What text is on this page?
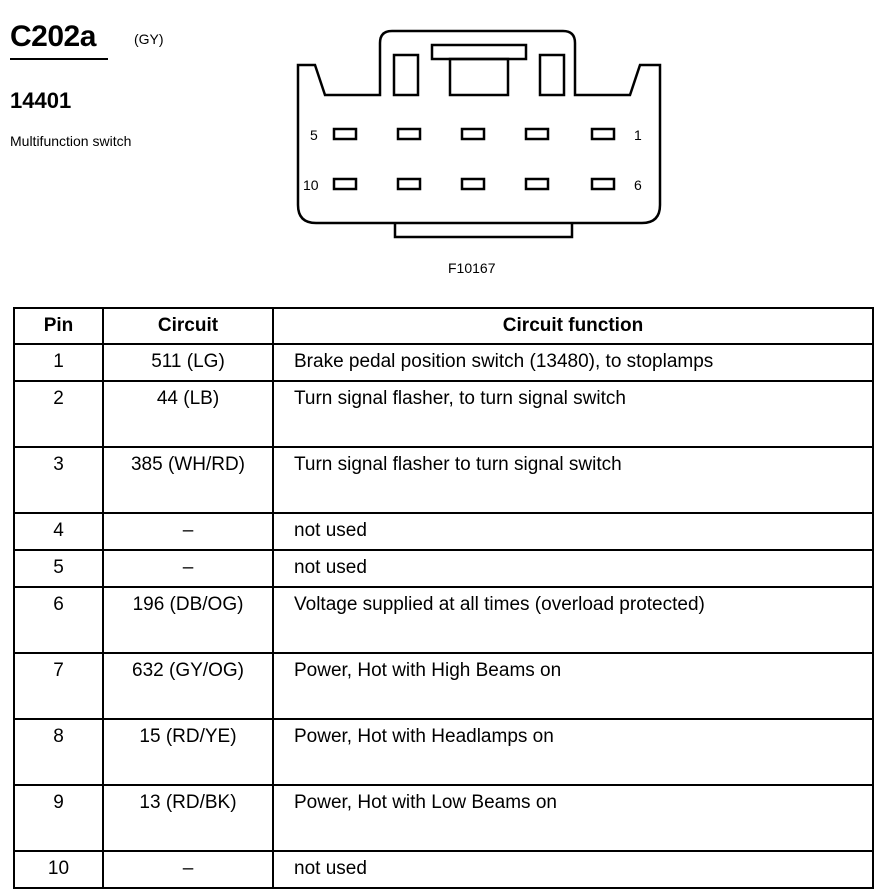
C202a	(GY)
14401
Multifunction switch	5	1
10	6
F10167
Pin	Circuit	Circuit function
1	511 (LG)	Brake pedal position switch (13480), to stoplamps
2	44 (LB)	Turn signal flasher, to turn signal switch
3	385 (WH/RD)	Turn signal flasher to turn signal switch
4	–	not used
5	–	not used
6	196 (DB/OG)	Voltage supplied at all times (overload protected)
7	632 (GY/OG)	Power, Hot with High Beams on
8	15 (RD/YE)	Power, Hot with Headlamps on
9	13 (RD/BK)	Power, Hot with Low Beams on
10	–	not used
